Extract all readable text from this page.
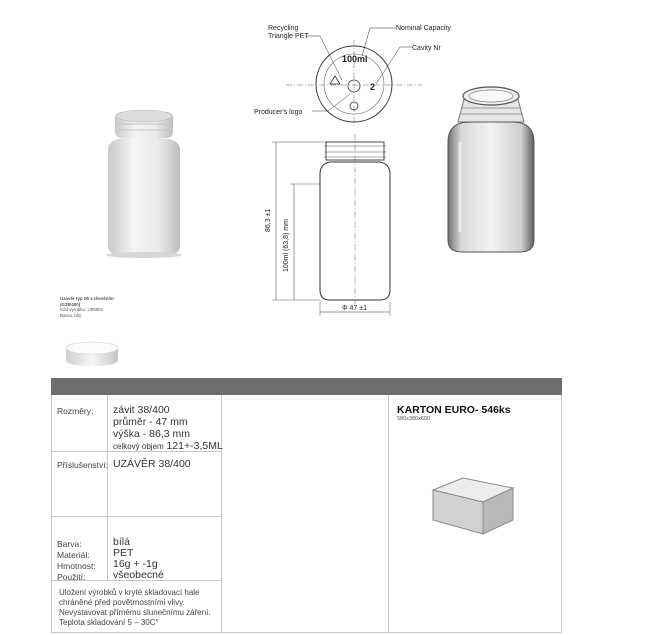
Uzávěr typ 05 s těsněním
(G38/400)
Kód výrobku: U05001
Barva: bílý
Recycling
Triangle PET
Nominal Capacity
Cavity Nr
Producer's logo
100ml
2
86,3 ±1 100ml (63,8) mm
Φ 47 ±1
Rozměry: závit 38/400
průměr - 47 mm
výška - 86,3 mm
celkový objem 121+-3,5ML
Příslušenství: UZÁVĚR 38/400
Barva:
Materiál:
Hmotnost:
Použití:
bílá
PET
16g + -1g
všeobecné
Uložení výrobků v kryté skladovací hale
chráněné před povětrnostními vlivy.
Nevystavovat přímému slunečnímu záření.
Teplota skladování 5 – 30C°
KARTON EURO- 546ks
580x380x600
